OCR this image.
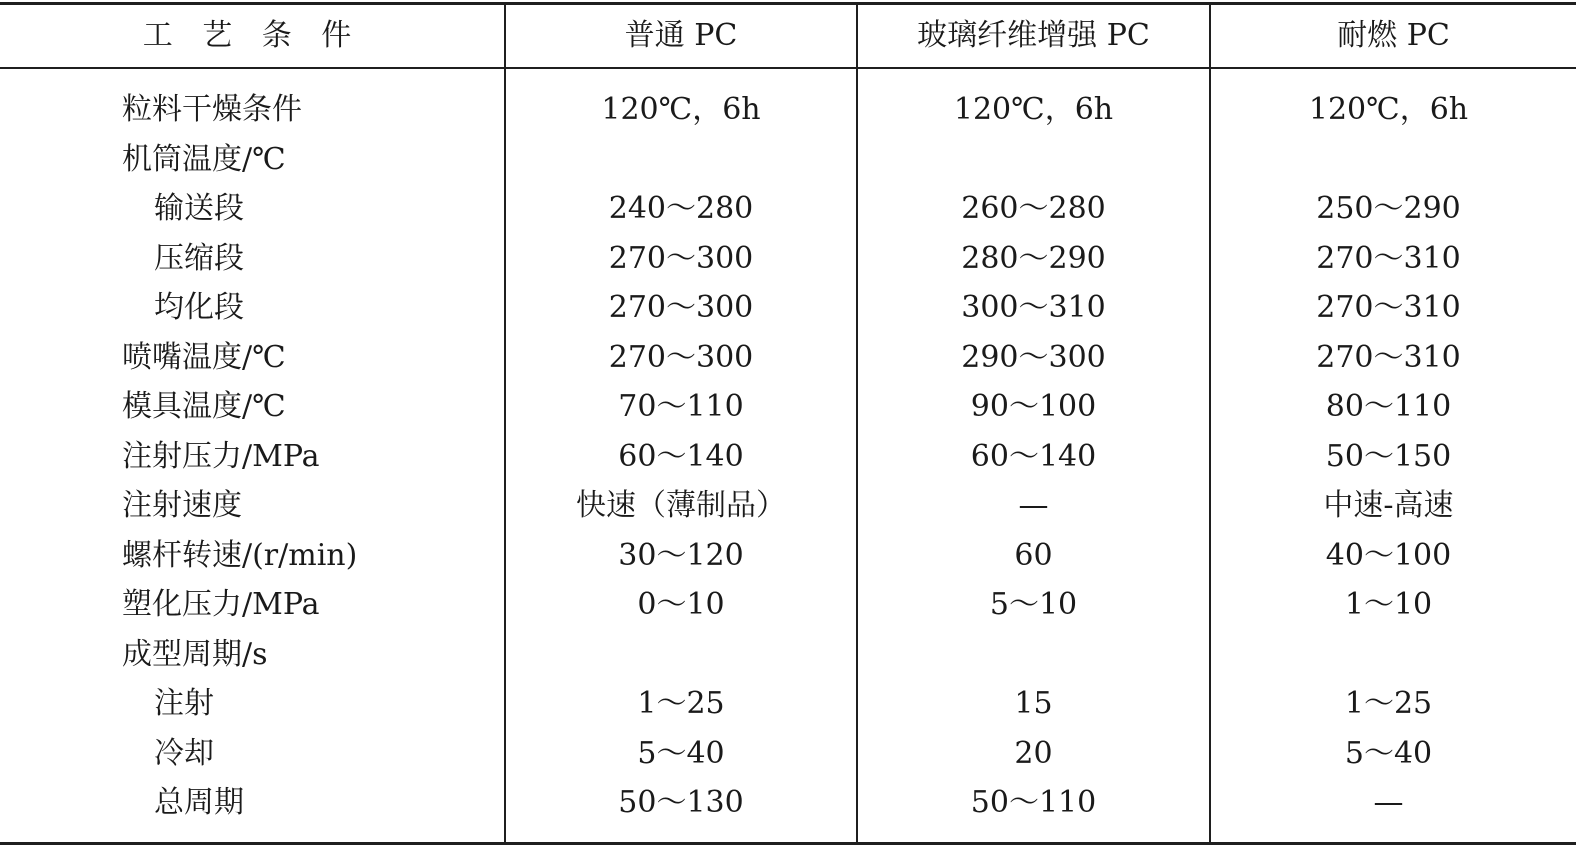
工 艺 条 件	普通 PC	玻璃纤维增强 PC	耐燃 PC
粒料干燥条件	120℃，6h	120℃，6h	120℃，6h
机筒温度/℃
输送段	240～280	260～280	250～290
压缩段	270～300	280～290	270～310
均化段	270～300	300～310	270～310
喷嘴温度/℃	270～300	290～300	270～310
模具温度/℃	70～110	90～100	80～110
注射压力/MPa	60～140	60～140	50～150
注射速度	快速（薄制品）	—	中速-高速
螺杆转速/(r/min)	30～120	60	40～100
塑化压力/MPa	0～10	5～10	1～10
成型周期/s
注射	1～25	15	1～25
冷却	5～40	20	5～40
总周期	50～130	50～110	—
